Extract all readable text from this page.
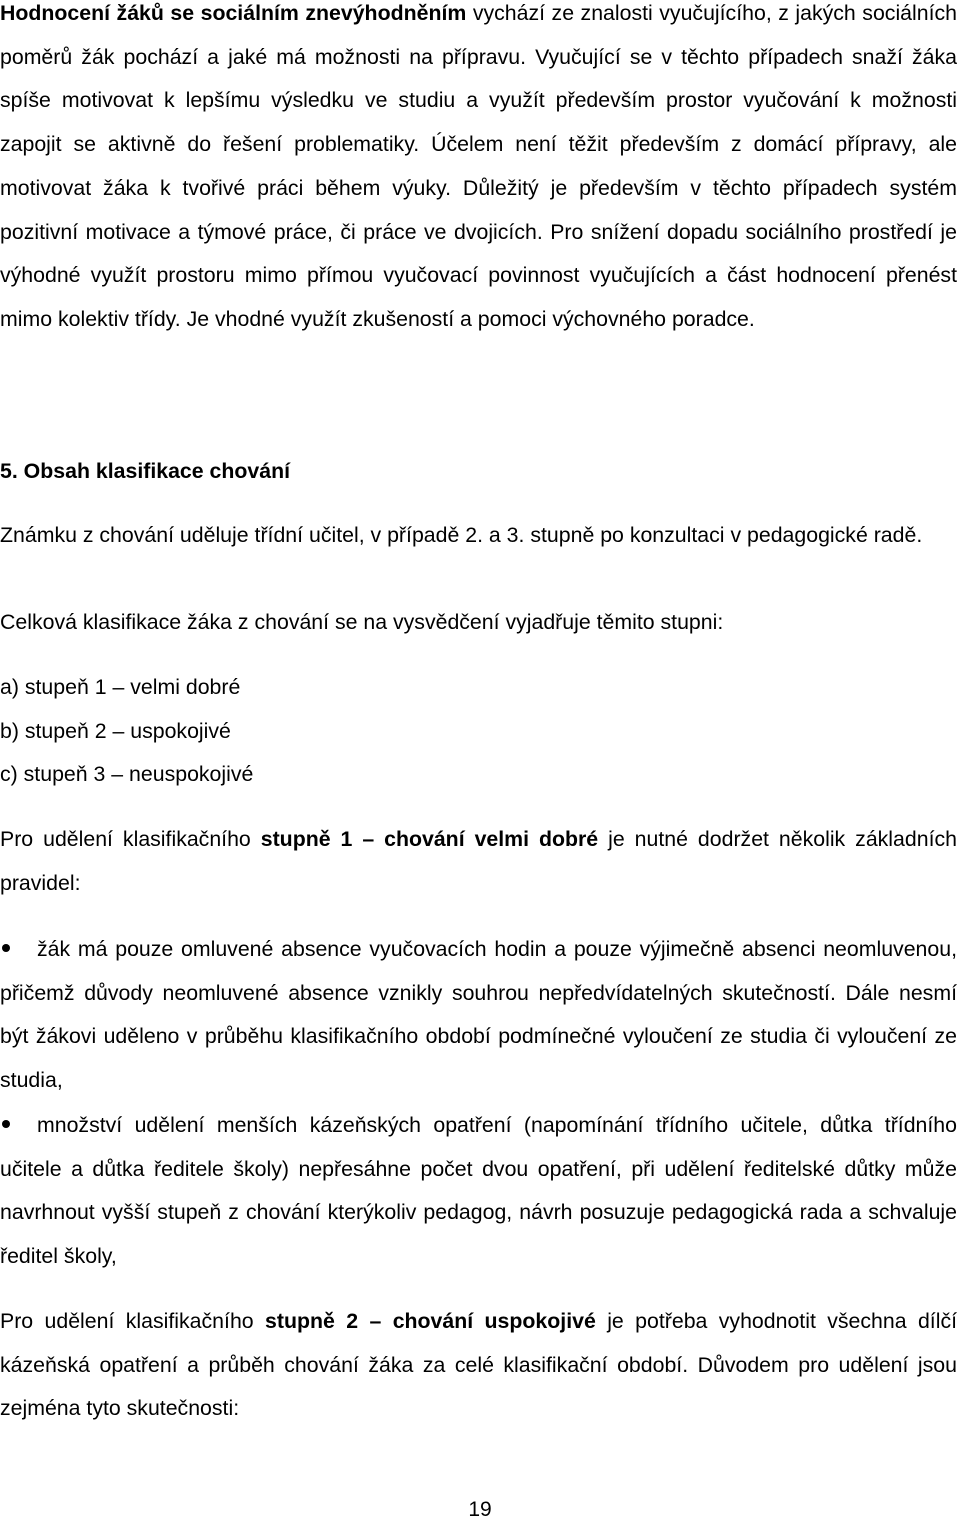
Hodnocení žáků se sociálním znevýhodněním vychází ze znalosti vyučujícího, z jakých sociálních poměrů žák pochází a jaké má možnosti na přípravu. Vyučující se v těchto případech snaží žáka spíše motivovat k lepšímu výsledku ve studiu a využít především prostor vyučování k možnosti zapojit se aktivně do řešení problematiky. Účelem není těžit především z domácí přípravy, ale motivovat žáka k tvořivé práci během výuky. Důležitý je především v těchto případech systém pozitivní motivace a týmové práce, či práce ve dvojicích. Pro snížení dopadu sociálního prostředí je výhodné využít prostoru mimo přímou vyučovací povinnost vyučujících a část hodnocení přenést mimo kolektiv třídy. Je vhodné využít zkušeností a pomoci výchovného poradce.

5. Obsah klasifikace chování

Známku z chování uděluje třídní učitel, v případě 2. a 3. stupně po konzultaci v pedagogické radě.

Celková klasifikace žáka z chování se na vysvědčení vyjadřuje těmito stupni:

a) stupeň 1 – velmi dobré

b) stupeň 2 – uspokojivé

c) stupeň 3 – neuspokojivé

Pro udělení klasifikačního stupně 1 – chování velmi dobré je nutné dodržet několik základních pravidel:

žák má pouze omluvené absence vyučovacích hodin a pouze výjimečně absenci neomluvenou, přičemž důvody neomluvené absence vznikly souhrou nepředvídatelných skutečností. Dále nesmí být žákovi uděleno v průběhu klasifikačního období podmínečné vyloučení ze studia či vyloučení ze studia,

množství udělení menších kázeňských opatření (napomínání třídního učitele, důtka třídního učitele a důtka ředitele školy) nepřesáhne počet dvou opatření, při udělení ředitelské důtky může navrhnout vyšší stupeň z chování kterýkoliv pedagog, návrh posuzuje pedagogická rada a schvaluje ředitel školy,

Pro udělení klasifikačního stupně 2 – chování uspokojivé je potřeba vyhodnotit všechna dílčí kázeňská opatření a průběh chování žáka za celé klasifikační období. Důvodem pro udělení jsou zejména tyto skutečnosti:

19
